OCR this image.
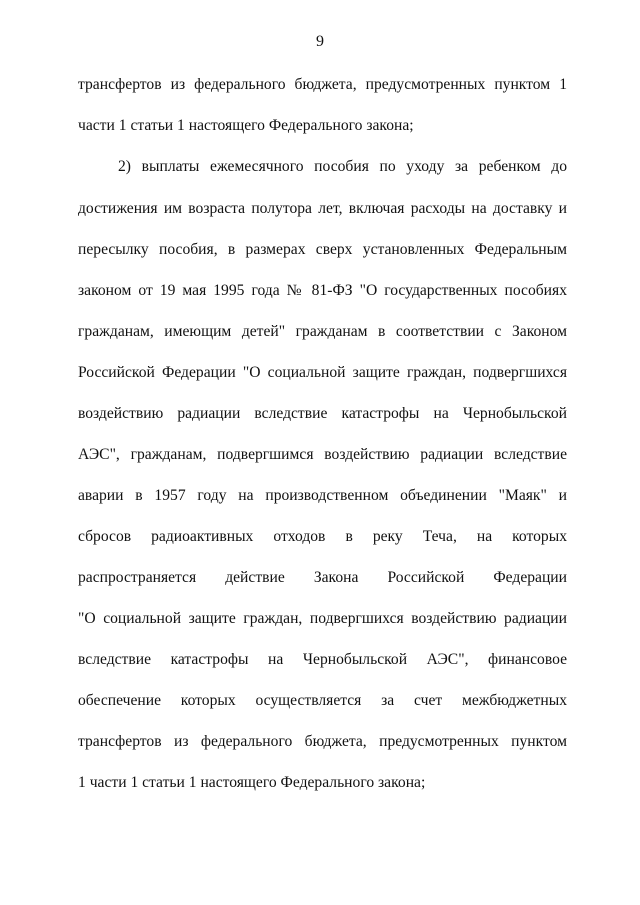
9
трансфертов из федерального бюджета, предусмотренных пунктом 1
части 1 статьи 1 настоящего Федерального закона;
2) выплаты ежемесячного пособия по уходу за ребенком до
достижения им возраста полутора лет, включая расходы на доставку и
пересылку пособия, в размерах сверх установленных Федеральным
законом от 19 мая 1995 года № 81-ФЗ "О государственных пособиях
гражданам, имеющим детей" гражданам в соответствии с Законом
Российской Федерации "О социальной защите граждан, подвергшихся
воздействию радиации вследствие катастрофы на Чернобыльской
АЭС", гражданам, подвергшимся воздействию радиации вследствие
аварии в 1957 году на производственном объединении "Маяк" и
сбросов радиоактивных отходов в реку Теча, на которых
распространяется действие Закона Российской Федерации
"О социальной защите граждан, подвергшихся воздействию радиации
вследствие катастрофы на Чернобыльской АЭС", финансовое
обеспечение которых осуществляется за счет межбюджетных
трансфертов из федерального бюджета, предусмотренных пунктом
1 части 1 статьи 1 настоящего Федерального закона;
